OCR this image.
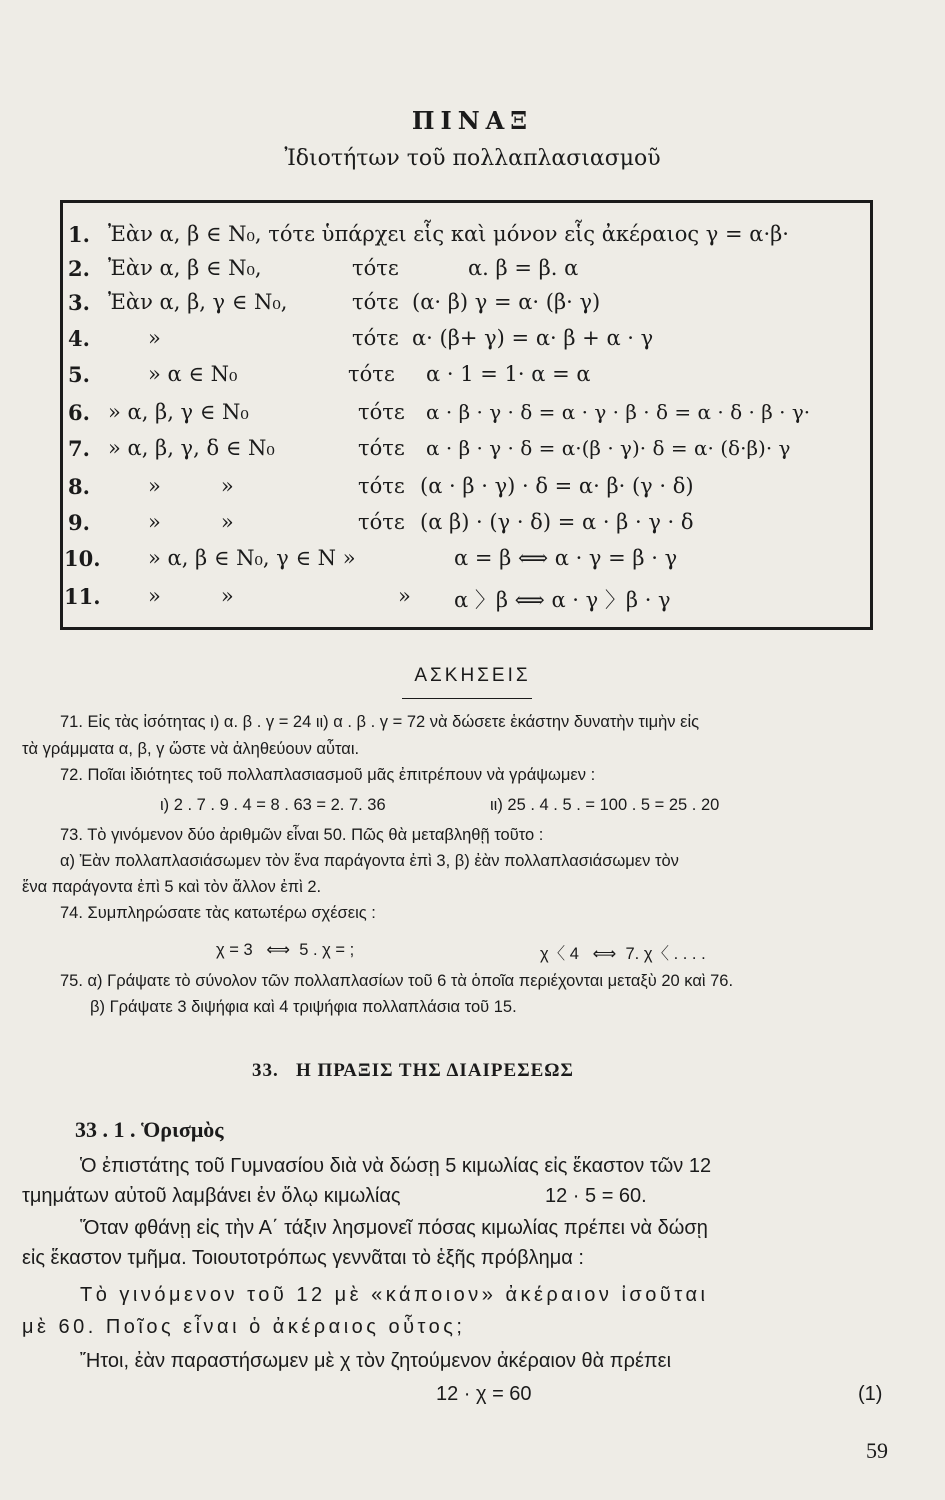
ΠΙΝΑΞ
Ἰδιοτήτων τοῦ πολλαπλασιασμοῦ
1. Ἐὰν α, β ∈ N₀, τότε ὑπάρχει εἷς καὶ μόνον εἷς ἀκέραιος γ = α·β·
2. Ἐὰν α, β ∈ N₀,	τότε	α. β = β. α
3. Ἐὰν α, β, γ ∈ N₀,	τότε (α· β) γ = α· (β· γ)
4.	»	τότε α· (β+ γ) = α· β + α · γ
5.	» α ∈ N₀	τότε α · 1 = 1· α = α
6. » α, β, γ ∈ N₀	τότε α · β · γ · δ = α · γ · β · δ = α · δ · β · γ·
7. » α, β, γ, δ ∈ N₀	τότε α · β · γ · δ = α·(β · γ)· δ = α· (δ·β)· γ
8.	»         »	τότε (α · β · γ) · δ = α· β· (γ · δ)
9.	»         »	τότε (α β) · (γ · δ) = α · β · γ · δ
10. » α, β ∈ N₀, γ ∈ N »	α = β ⟺ α · γ = β · γ
11. »         »	» α 〉β ⟺ α · γ 〉β · γ
ΑΣΚΗΣΕΙΣ
71. Εἰς τὰς ἰσότητας ι) α. β . γ = 24 ιι) α . β . γ = 72 νὰ δώσετε ἑκάστην δυνατὴν τιμὴν εἰς
τὰ γράμματα α, β, γ ὥστε νὰ ἀληθεύουν αὗται.
72. Ποῖαι ἰδιότητες τοῦ πολλαπλασιασμοῦ μᾶς ἐπιτρέπουν νὰ γράψωμεν :
ι) 2 . 7 . 9 . 4 = 8 . 63 = 2. 7. 36	ιι) 25 . 4 . 5 . = 100 . 5 = 25 . 20
73. Τὸ γινόμενον δύο ἀριθμῶν εἶναι 50. Πῶς θὰ μεταβληθῇ τοῦτο :
α) Ἐὰν πολλαπλασιάσωμεν τὸν ἕνα παράγοντα ἐπὶ 3, β) ἐὰν πολλαπλασιάσωμεν τὸν
ἕνα παράγοντα ἐπὶ 5 καὶ τὸν ἄλλον ἐπὶ 2.
74. Συμπληρώσατε τὰς κατωτέρω σχέσεις :
χ = 3   ⟺  5 . χ = ;	χ〈 4   ⟺  7. χ〈 . . . .
75. α) Γράψατε τὸ σύνολον τῶν πολλαπλασίων τοῦ 6 τὰ ὁποῖα περιέχονται μεταξὺ 20 καὶ 76.
β) Γράψατε 3 διψήφια καὶ 4 τριψήφια πολλαπλάσια τοῦ 15.
33.   Η ΠΡΑΞΙΣ ΤΗΣ ΔΙΑΙΡΕΣΕΩΣ
33 . 1 . Ὁρισμὸς
Ὁ ἐπιστάτης τοῦ Γυμνασίου διὰ νὰ δώσῃ 5 κιμωλίας εἰς ἕκαστον τῶν 12
τμημάτων αὐτοῦ λαμβάνει ἐν ὅλῳ κιμωλίας	12 · 5 = 60.
Ὅταν φθάνῃ εἰς τὴν Α΄ τάξιν λησμονεῖ πόσας κιμωλίας πρέπει νὰ δώσῃ
εἰς ἕκαστον τμῆμα. Τοιουτοτρόπως γεννᾶται τὸ ἑξῆς πρόβλημα :
Τὸ γινόμενον τοῦ 12 μὲ «κάποιον» ἀκέραιον ἰσοῦται
μὲ 60. Ποῖος εἶναι ὁ ἀκέραιος οὗτος;
Ἤτοι, ἐὰν παραστήσωμεν μὲ χ τὸν ζητούμενον ἀκέραιον θὰ πρέπει
12 · χ = 60	(1)
59
